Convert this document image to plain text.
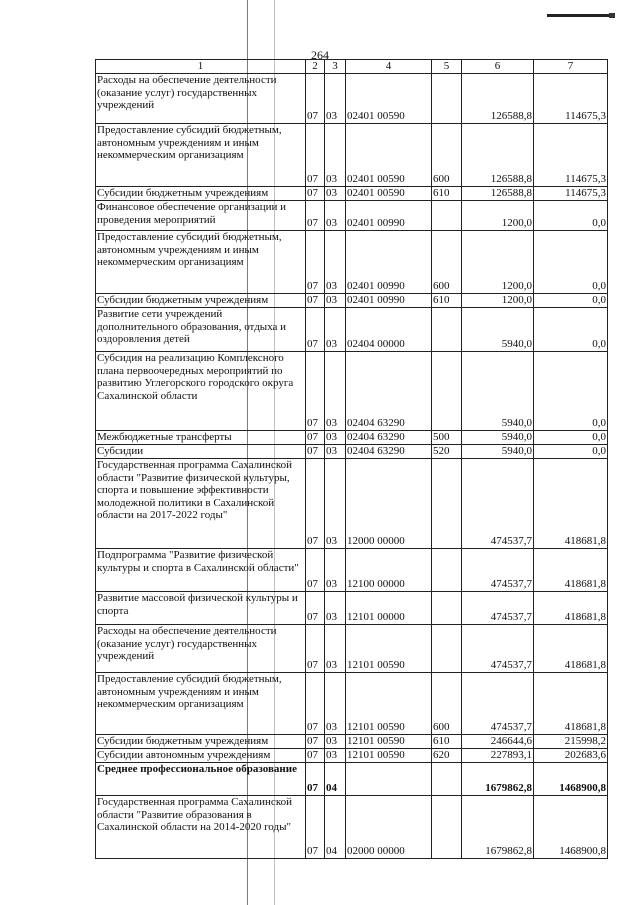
264
1	2	3	4	5	6	7
Расходы на обеспечение деятельности (оказание услуг) государственных учреждений	07	03	02401 00590		126588,8	114675,3
Предоставление субсидий бюджетным, автономным учреждениям и иным некоммерческим организациям	07	03	02401 00590	600	126588,8	114675,3
Субсидии бюджетным учреждениям	07	03	02401 00590	610	126588,8	114675,3
Финансовое обеспечение организации и проведения мероприятий	07	03	02401 00990		1200,0	0,0
Предоставление субсидий бюджетным, автономным учреждениям и иным некоммерческим организациям	07	03	02401 00990	600	1200,0	0,0
Субсидии бюджетным учреждениям	07	03	02401 00990	610	1200,0	0,0
Развитие сети учреждений дополнительного образования, отдыха и оздоровления детей	07	03	02404 00000		5940,0	0,0
Субсидия на реализацию Комплексного плана первоочередных мероприятий по развитию Углегорского городского округа Сахалинской области	07	03	02404 63290		5940,0	0,0
Межбюджетные трансферты	07	03	02404 63290	500	5940,0	0,0
Субсидии	07	03	02404 63290	520	5940,0	0,0
Государственная программа Сахалинской области "Развитие физической культуры, спорта и повышение эффективности молодежной политики в Сахалинской области на 2017-2022 годы"	07	03	12000 00000		474537,7	418681,8
Подпрограмма "Развитие физической культуры и спорта в Сахалинской области"	07	03	12100 00000		474537,7	418681,8
Развитие массовой физической культуры и спорта	07	03	12101 00000		474537,7	418681,8
Расходы на обеспечение деятельности (оказание услуг) государственных учреждений	07	03	12101 00590		474537,7	418681,8
Предоставление субсидий бюджетным, автономным учреждениям и иным некоммерческим организациям	07	03	12101 00590	600	474537,7	418681,8
Субсидии бюджетным учреждениям	07	03	12101 00590	610	246644,6	215998,2
Субсидии автономным учреждениям	07	03	12101 00590	620	227893,1	202683,6
Среднее профессиональное образование	07	04			1679862,8	1468900,8
Государственная программа Сахалинской области "Развитие образования в Сахалинской области на 2014-2020 годы"	07	04	02000 00000		1679862,8	1468900,8
